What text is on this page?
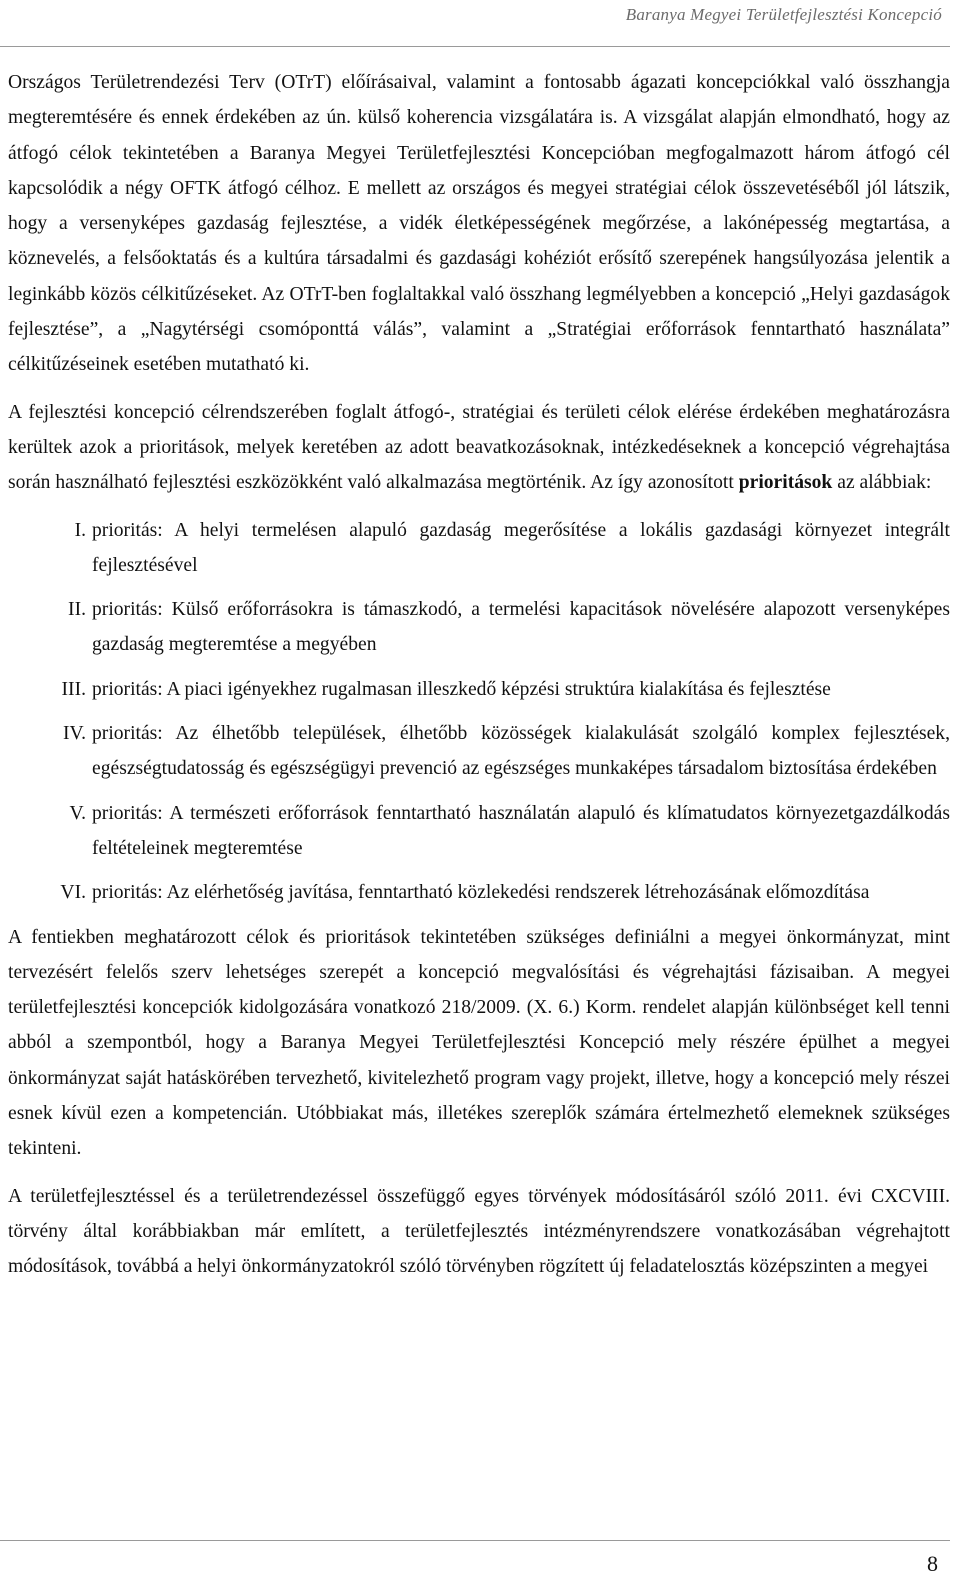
Baranya Megyei Területfejlesztési Koncepció

Országos Területrendezési Terv (OTrT) előírásaival, valamint a fontosabb ágazati koncepciókkal való összhangja megteremtésére és ennek érdekében az ún. külső koherencia vizsgálatára is. A vizsgálat alapján elmondható, hogy az átfogó célok tekintetében a Baranya Megyei Területfejlesztési Koncepcióban megfogalmazott három átfogó cél kapcsolódik a négy OFTK átfogó célhoz. E mellett az országos és megyei stratégiai célok összevetéséből jól látszik, hogy a versenyképes gazdaság fejlesztése, a vidék életképességének megőrzése, a lakónépesség megtartása, a köznevelés, a felsőoktatás és a kultúra társadalmi és gazdasági kohéziót erősítő szerepének hangsúlyozása jelentik a leginkább közös célkitűzéseket. Az OTrT-ben foglaltakkal való összhang legmélyebben a koncepció „Helyi gazdaságok fejlesztése”, a „Nagytérségi csomóponttá válás”, valamint a „Stratégiai erőforrások fenntartható használata” célkitűzéseinek esetében mutatható ki.

A fejlesztési koncepció célrendszerében foglalt átfogó-, stratégiai és területi célok elérése érdekében meghatározásra kerültek azok a prioritások, melyek keretében az adott beavatkozásoknak, intézkedéseknek a koncepció végrehajtása során használható fejlesztési eszközökként való alkalmazása megtörténik. Az így azonosított prioritások az alábbiak:

I. prioritás: A helyi termelésen alapuló gazdaság megerősítése a lokális gazdasági környezet integrált fejlesztésével
II. prioritás: Külső erőforrásokra is támaszkodó, a termelési kapacitások növelésére alapozott versenyképes gazdaság megteremtése a megyében
III. prioritás: A piaci igényekhez rugalmasan illeszkedő képzési struktúra kialakítása és fejlesztése
IV. prioritás: Az élhetőbb települések, élhetőbb közösségek kialakulását szolgáló komplex fejlesztések, egészségtudatosság és egészségügyi prevenció az egészséges munkaképes társadalom biztosítása érdekében
V. prioritás: A természeti erőforrások fenntartható használatán alapuló és klímatudatos környezetgazdálkodás feltételeinek megteremtése
VI. prioritás: Az elérhetőség javítása, fenntartható közlekedési rendszerek létrehozásának előmozdítása

A fentiekben meghatározott célok és prioritások tekintetében szükséges definiálni a megyei önkormányzat, mint tervezésért felelős szerv lehetséges szerepét a koncepció megvalósítási és végrehajtási fázisaiban. A megyei területfejlesztési koncepciók kidolgozására vonatkozó 218/2009. (X. 6.) Korm. rendelet alapján különbséget kell tenni abból a szempontból, hogy a Baranya Megyei Területfejlesztési Koncepció mely részére épülhet a megyei önkormányzat saját hatáskörében tervezhető, kivitelezhető program vagy projekt, illetve, hogy a koncepció mely részei esnek kívül ezen a kompetencián. Utóbbiakat más, illetékes szereplők számára értelmezhető elemeknek szükséges tekinteni.

A területfejlesztéssel és a területrendezéssel összefüggő egyes törvények módosításáról szóló 2011. évi CXCVIII. törvény által korábbiakban már említett, a területfejlesztés intézményrendszere vonatkozásában végrehajtott módosítások, továbbá a helyi önkormányzatokról szóló törvényben rögzített új feladatelosztás középszinten a megyei

8
